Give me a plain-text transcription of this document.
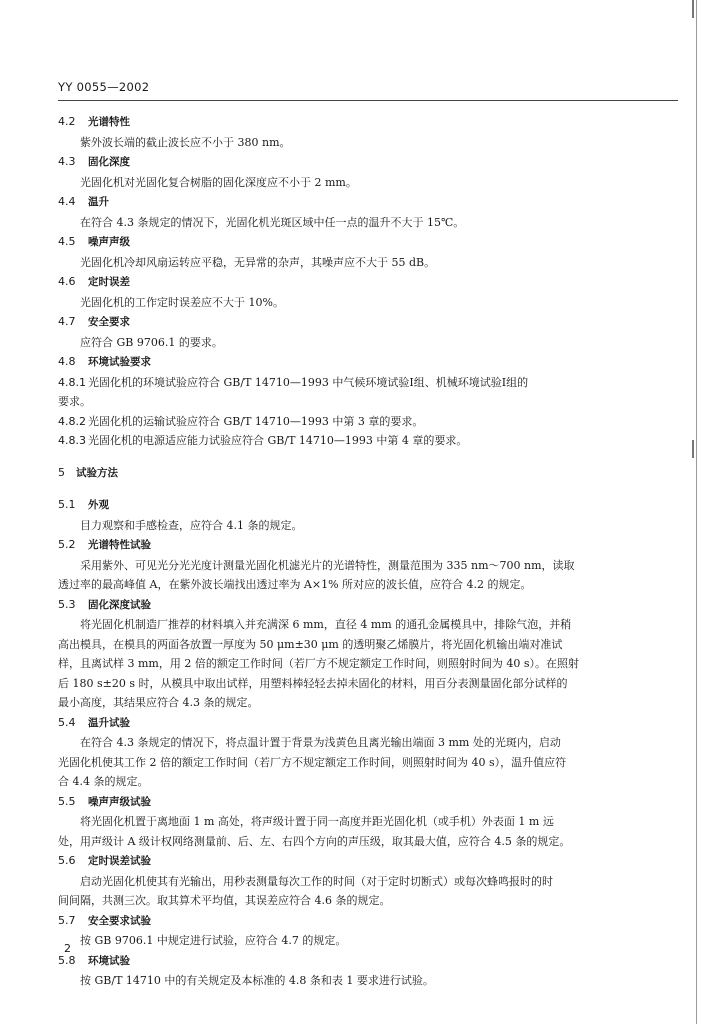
YY 0055—2002
4.2 光谱特性
紫外波长端的截止波长应不小于 380 nm。
4.3 固化深度
光固化机对光固化复合树脂的固化深度应不小于 2 mm。
4.4 温升
在符合 4.3 条规定的情况下，光固化机光斑区域中任一点的温升不大于 15℃。
4.5 噪声声级
光固化机冷却风扇运转应平稳，无异常的杂声，其噪声应不大于 55 dB。
4.6 定时误差
光固化机的工作定时误差应不大于 10%。
4.7 安全要求
应符合 GB 9706.1 的要求。
4.8 环境试验要求
4.8.1 光固化机的环境试验应符合 GB/T 14710—1993 中气候环境试验Ⅰ组、机械环境试验Ⅰ组的
要求。
4.8.2 光固化机的运输试验应符合 GB/T 14710—1993 中第 3 章的要求。
4.8.3 光固化机的电源适应能力试验应符合 GB/T 14710—1993 中第 4 章的要求。
5 试验方法
5.1 外观
目力观察和手感检查，应符合 4.1 条的规定。
5.2 光谱特性试验
采用紫外、可见光分光光度计测量光固化机滤光片的光谱特性，测量范围为 335 nm～700 nm，读取
透过率的最高峰值 A，在紫外波长端找出透过率为 A×1% 所对应的波长值，应符合 4.2 的规定。
5.3 固化深度试验
将光固化机制造厂推荐的材料填入并充满深 6 mm，直径 4 mm 的通孔金属模具中，排除气泡，并稍
高出模具，在模具的两面各放置一厚度为 50 μm±30 μm 的透明聚乙烯膜片，将光固化机输出端对准试
样，且离试样 3 mm，用 2 倍的额定工作时间（若厂方不规定额定工作时间，则照射时间为 40 s）。在照射
后 180 s±20 s 时，从模具中取出试样，用塑料棒轻轻去掉未固化的材料，用百分表测量固化部分试样的
最小高度，其结果应符合 4.3 条的规定。
5.4 温升试验
在符合 4.3 条规定的情况下，将点温计置于背景为浅黄色且离光输出端面 3 mm 处的光斑内，启动
光固化机使其工作 2 倍的额定工作时间（若厂方不规定额定工作时间，则照射时间为 40 s），温升值应符
合 4.4 条的规定。
5.5 噪声声级试验
将光固化机置于离地面 1 m 高处，将声级计置于同一高度并距光固化机（或手机）外表面 1 m 远
处，用声级计 A 级计权网络测量前、后、左、右四个方向的声压级，取其最大值，应符合 4.5 条的规定。
5.6 定时误差试验
启动光固化机使其有光输出，用秒表测量每次工作的时间（对于定时切断式）或每次蜂鸣报时的时
间间隔，共测三次。取其算术平均值，其误差应符合 4.6 条的规定。
5.7 安全要求试验
按 GB 9706.1 中规定进行试验，应符合 4.7 的规定。
5.8 环境试验
按 GB/T 14710 中的有关规定及本标准的 4.8 条和表 1 要求进行试验。
2
